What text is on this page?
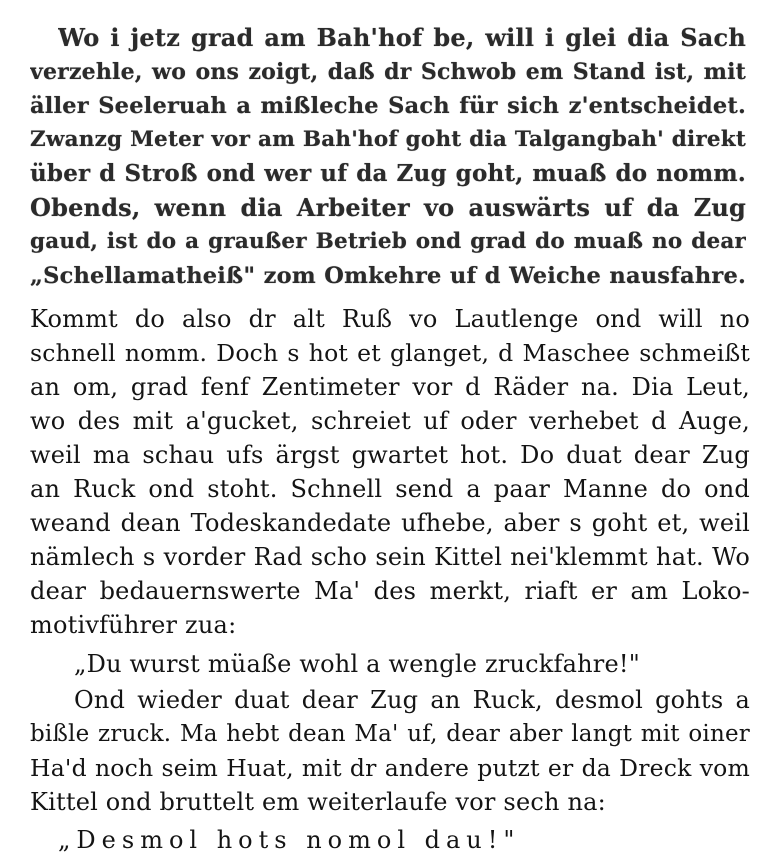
Wo i jetz grad am Bah'hof be, will i glei dia Sach
verzehle, wo ons zoigt, daß dr Schwob em Stand ist, mit
äller Seeleruah a mißleche Sach für sich z'entscheidet.
Zwanzg Meter vor am Bah'hof goht dia Talgangbah' direkt
über d Stroß ond wer uf da Zug goht, muaß do nomm.
Obends, wenn dia Arbeiter vo auswärts uf da Zug
gaud, ist do a graußer Betrieb ond grad do muaß no dear
„Schellamatheiß" zom Omkehre uf d Weiche nausfahre.
Kommt do also dr alt Ruß vo Lautlenge ond will no
schnell nomm. Doch s hot et glanget, d Maschee schmeißt
an om, grad fenf Zentimeter vor d Räder na. Dia Leut,
wo des mit a'gucket, schreiet uf oder verhebet d Auge,
weil ma schau ufs ärgst gwartet hot. Do duat dear Zug
an Ruck ond stoht. Schnell send a paar Manne do ond
weand dean Todeskandedate ufhebe, aber s goht et, weil
nämlech s vorder Rad scho sein Kittel nei'klemmt hat. Wo
dear bedauernswerte Ma' des merkt, riaft er am Loko-
motivführer zua:
„Du wurst müaße wohl a wengle zruckfahre!"
Ond wieder duat dear Zug an Ruck, desmol gohts a
bißle zruck. Ma hebt dean Ma' uf, dear aber langt mit oiner
Ha'd noch seim Huat, mit dr andere putzt er da Dreck vom
Kittel ond bruttelt em weiterlaufe vor sech na:
„Desmol hots nomol dau!"
